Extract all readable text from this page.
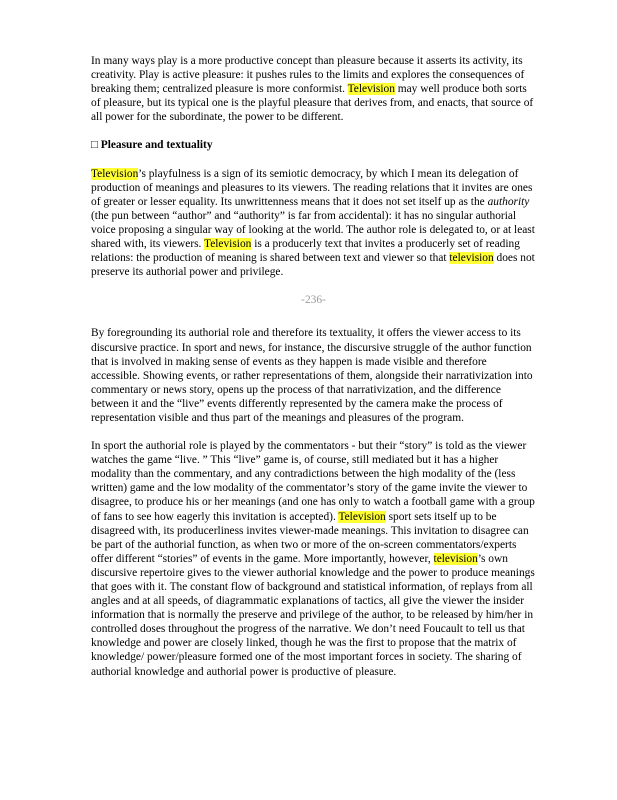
In many ways play is a more productive concept than pleasure because it asserts its activity, its creativity. Play is active pleasure: it pushes rules to the limits and explores the consequences of breaking them; centralized pleasure is more conformist. Television may well produce both sorts of pleasure, but its typical one is the playful pleasure that derives from, and enacts, that source of all power for the subordinate, the power to be different.

□ Pleasure and textuality

Television’s playfulness is a sign of its semiotic democracy, by which I mean its delegation of production of meanings and pleasures to its viewers. The reading relations that it invites are ones of greater or lesser equality. Its unwrittenness means that it does not set itself up as the authority (the pun between “author” and “authority” is far from accidental): it has no singular authorial voice proposing a singular way of looking at the world. The author role is delegated to, or at least shared with, its viewers. Television is a producerly text that invites a producerly set of reading relations: the production of meaning is shared between text and viewer so that television does not preserve its authorial power and privilege.

-236-

By foregrounding its authorial role and therefore its textuality, it offers the viewer access to its discursive practice. In sport and news, for instance, the discursive struggle of the author function that is involved in making sense of events as they happen is made visible and therefore accessible. Showing events, or rather representations of them, alongside their narrativization into commentary or news story, opens up the process of that narrativization, and the difference between it and the “live” events differently represented by the camera make the process of representation visible and thus part of the meanings and pleasures of the program.

In sport the authorial role is played by the commentators - but their “story” is told as the viewer watches the game “live. ” This “live” game is, of course, still mediated but it has a higher modality than the commentary, and any contradictions between the high modality of the (less written) game and the low modality of the commentator’s story of the game invite the viewer to disagree, to produce his or her meanings (and one has only to watch a football game with a group of fans to see how eagerly this invitation is accepted). Television sport sets itself up to be disagreed with, its producerliness invites viewer-made meanings. This invitation to disagree can be part of the authorial function, as when two or more of the on-screen commentators/experts offer different “stories” of events in the game. More importantly, however, television’s own discursive repertoire gives to the viewer authorial knowledge and the power to produce meanings that goes with it. The constant flow of background and statistical information, of replays from all angles and at all speeds, of diagrammatic explanations of tactics, all give the viewer the insider information that is normally the preserve and privilege of the author, to be released by him/her in controlled doses throughout the progress of the narrative. We don’t need Foucault to tell us that knowledge and power are closely linked, though he was the first to propose that the matrix of knowledge/ power/pleasure formed one of the most important forces in society. The sharing of authorial knowledge and authorial power is productive of pleasure.
